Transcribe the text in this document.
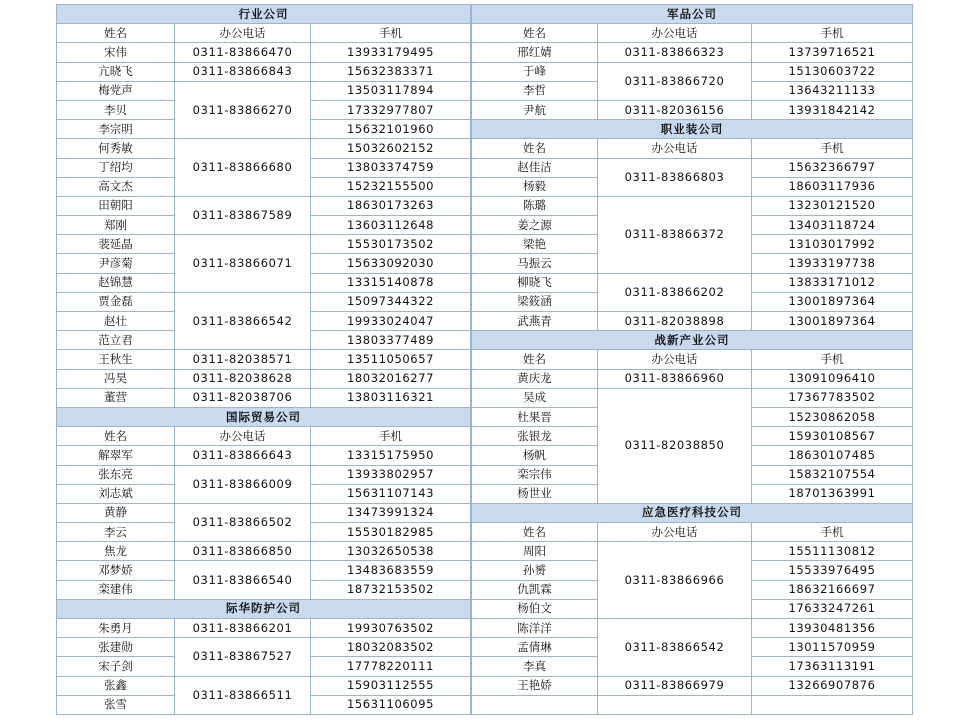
行业公司		
姓名	办公电话	手机
宋伟	0311-83866470	13933179495
亢晓飞	0311-83866843	15632383371
梅党声	0311-83866270	13503117894
李贝		17332977807
李宗明		15632101960
何秀敏	0311-83866680	15032602152
丁绍均		13803374759
高文杰		15232155500
田朝阳	0311-83867589	18630173263
郑刚		13603112648
裴延晶	0311-83866071	15530173502
尹彦菊		15633092030
赵锦慧		13315140878
贾金磊	0311-83866542	15097344322
赵壮		19933024047
范立君		13803377489
王秋生	0311-82038571	13511050657
冯昊	0311-82038628	18032016277
董营	0311-82038706	13803116321
国际贸易公司		
姓名	办公电话	手机
解翠军	0311-83866643	13315175950
张东亮	0311-83866009	13933802957
刘志斌		15631107143
黄静	0311-83866502	13473991324
李云		15530182985
焦龙	0311-83866850	13032650538
邓梦娇	0311-83866540	13483683559
栾建伟		18732153502
际华防护公司		
朱勇月	0311-83866201	19930763502
张建勋	0311-83867527	18032083502
宋子剑		17778220111
张鑫	0311-83866511	15903112555
张雪		15631106095
军品公司		
姓名	办公电话	手机
邢红婧	0311-83866323	13739716521
于峰	0311-83866720	15130603722
李哲		13643211133
尹航	0311-82036156	13931842142
职业装公司		
姓名	办公电话	手机
赵佳洁	0311-83866803	15632366797
杨毅		18603117936
陈璐	0311-83866372	13230121520
姜之源		13403118724
梁艳		13103017992
马振云		13933197738
柳晓飞	0311-83866202	13833171012
梁筱涵		13001897364
武燕青	0311-82038898	13001897364
战新产业公司		
姓名	办公电话	手机
黄庆龙	0311-83866960	13091096410
吴成	0311-82038850	17367783502
杜果晋		15230862058
张银龙		15930108567
杨帆		18630107485
栾宗伟		15832107554
杨世业		18701363991
应急医疗科技公司		
姓名	办公电话	手机
周阳	0311-83866966	15511130812
孙赟		15533976495
仇凯霖		18632166697
杨伯文		17633247261
陈洋洋	0311-83866542	13930481356
孟倩琳		13011570959
李真		17363113191
王艳娇	0311-83866979	13266907876
